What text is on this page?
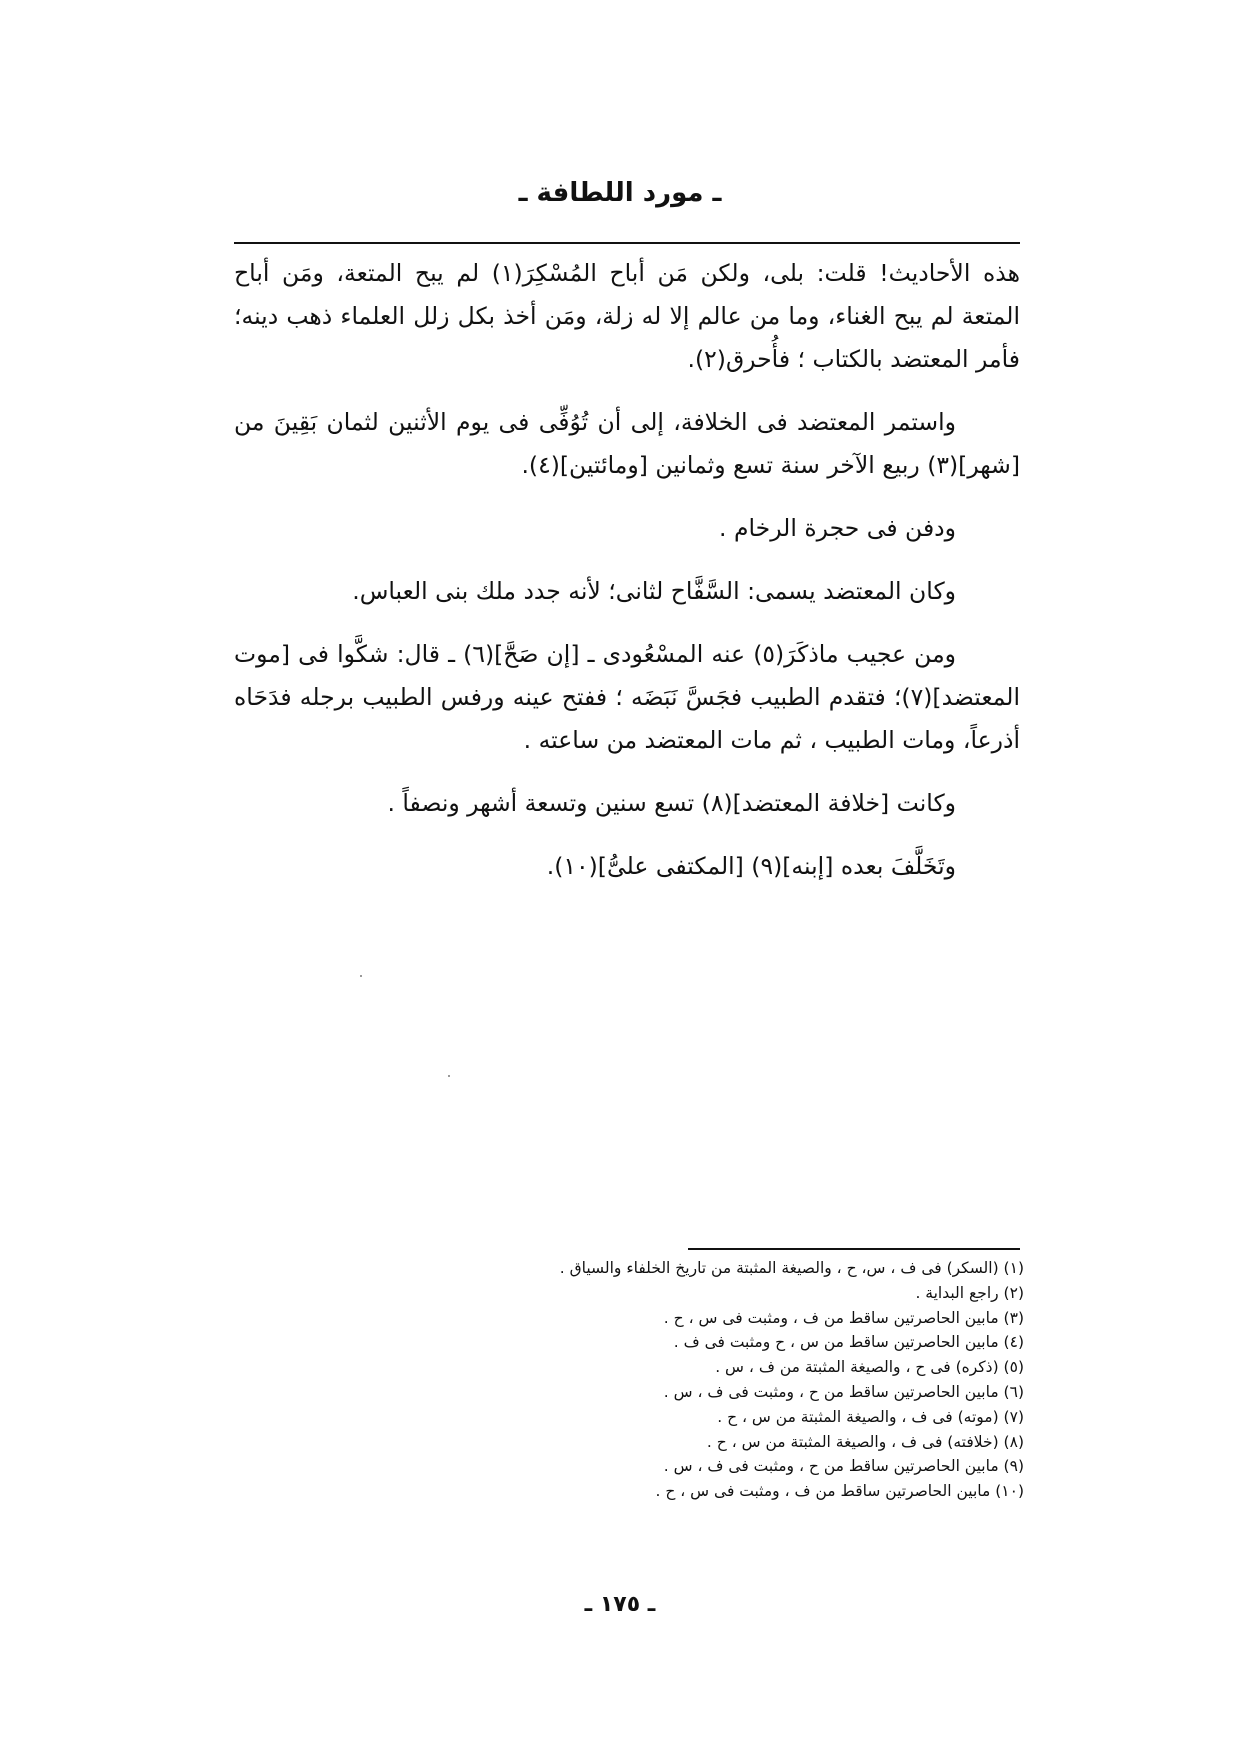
ـ مورد اللطافة ـ

هذه الأحاديث! قلت: بلى، ولكن مَن أباح المُسْكِرَ(١) لم يبح المتعة، ومَن أباح المتعة لم يبح الغناء، وما من عالم إلا له زلة، ومَن أخذ بكل زلل العلماء ذهب دينه؛ فأمر المعتضد بالكتاب ؛ فأُحرق(٢).

واستمر المعتضد فى الخلافة، إلى أن تُوُفِّى فى يوم الأثنين لثمان بَقِينَ من [شهر](٣) ربيع الآخر سنة تسع وثمانين [ومائتين](٤).

ودفن فى حجرة الرخام .

وكان المعتضد يسمى: السَّفَّاح لثانى؛ لأنه جدد ملك بنى العباس.

ومن عجيب ماذكَرَ(٥) عنه المسْعُودى ـ [إن صَحَّ](٦) ـ قال: شكَّوا فى [موت المعتضد](٧)؛ فتقدم الطبيب فجَسَّ نَبَضَه ؛ ففتح عينه ورفس الطبيب برجله فدَحَاه أذرعاً، ومات الطبيب ، ثم مات المعتضد من ساعته .

وكانت [خلافة المعتضد](٨) تسع سنين وتسعة أشهر ونصفاً .

وتَخَلَّفَ بعده [إبنه](٩) [المكتفى علىُّ](١٠).

(١) (السكر) فى ف ، س، ح ، والصيغة المثبتة من تاريخ الخلفاء والسياق .
(٢) راجع البداية .
(٣) مابين الحاصرتين ساقط من ف ، ومثبت فى س ، ح .
(٤) مابين الحاصرتين ساقط من س ، ح ومثبت فى ف .
(٥) (ذكره) فى ح ، والصيغة المثبتة من ف ، س .
(٦) مابين الحاصرتين ساقط من ح ، ومثبت فى ف ، س .
(٧) (موته) فى ف ، والصيغة المثبتة من س ، ح .
(٨) (خلافته) فى ف ، والصيغة المثبتة من س ، ح .
(٩) مابين الحاصرتين ساقط من ح ، ومثبت فى ف ، س .
(١٠) مابين الحاصرتين ساقط من ف ، ومثبت فى س ، ح .
ـ ١٧٥ ـ
